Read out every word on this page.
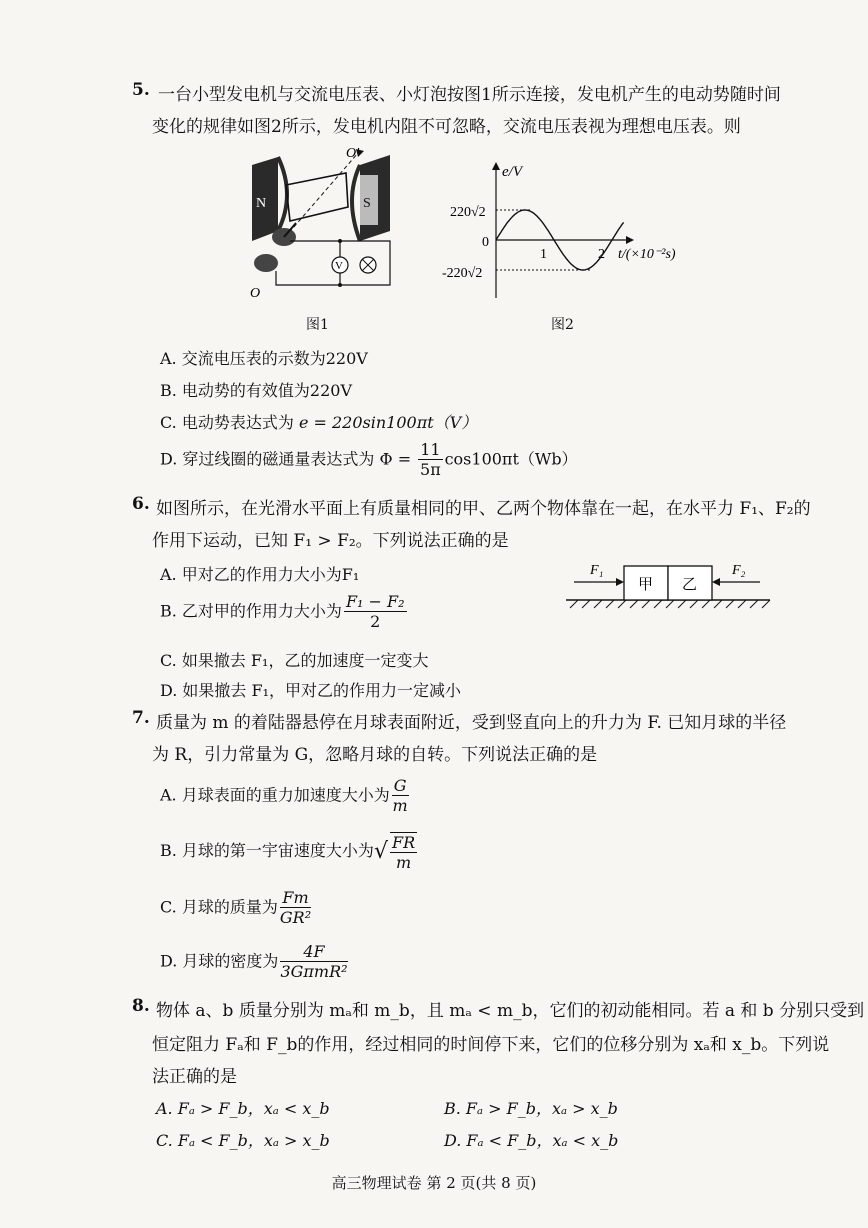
5. 一台小型发电机与交流电压表、小灯泡按图1所示连接，发电机产生的电动势随时间
变化的规律如图2所示，发电机内阻不可忽略，交流电压表视为理想电压表。则
N	S
O′
O
V
图1
e/V
220√2
-220√2
0
1	2 t/(×10⁻²s)
图2
A. 交流电压表的示数为220V
B. 电动势的有效值为220V
C. 电动势表达式为 e = 220sin100πt（V）
D. 穿过线圈的磁通量表达式为 $\Phi = \frac{11}{5\pi} \cos 100\pi t(Wb)$
6. 如图所示，在光滑水平面上有质量相同的甲、乙两个物体靠在一起，在水平力 F₁、F₂的
作用下运动，已知 F₁ > F₂。下列说法正确的是
甲 乙
F₁	F₂
A. 甲对乙的作用力大小为F₁
B. 乙对甲的作用力大小为 $\frac{\text{F₁ − F₂}}{2}$
C. 如果撤去 F₁，乙的加速度一定变大
D. 如果撤去 F₁，甲对乙的作用力一定减小
7. 质量为 m 的着陆器悬停在月球表面附近，受到竖直向上的升力为 F. 已知月球的半径
为 R，引力常量为 G，忽略月球的自转。下列说法正确的是
A. 月球表面的重力加速度大小为 $\frac{G}{m}$
B. 月球的第一宇宙速度大小为√ $\frac{FR}{m}$
C. 月球的质量为 $\frac{Fm}{\text{GR²}}$
D. 月球的密度为 $\frac{4F}{\text{3GπmR²}}$
8. 物体 a、b 质量分别为 mₐ和 m_b，且 mₐ < m_b，它们的初动能相同。若 a 和 b 分别只受到
恒定阻力 Fₐ和 F_b的作用，经过相同的时间停下来，它们的位移分别为 xₐ和 x_b。下列说
法正确的是
A. Fₐ > F_b，xₐ < x_b	B. Fₐ > F_b，xₐ > x_b
C. Fₐ < F_b，xₐ > x_b	D. Fₐ < F_b，xₐ < x_b
高三物理试卷 第 2 页(共 8 页)
